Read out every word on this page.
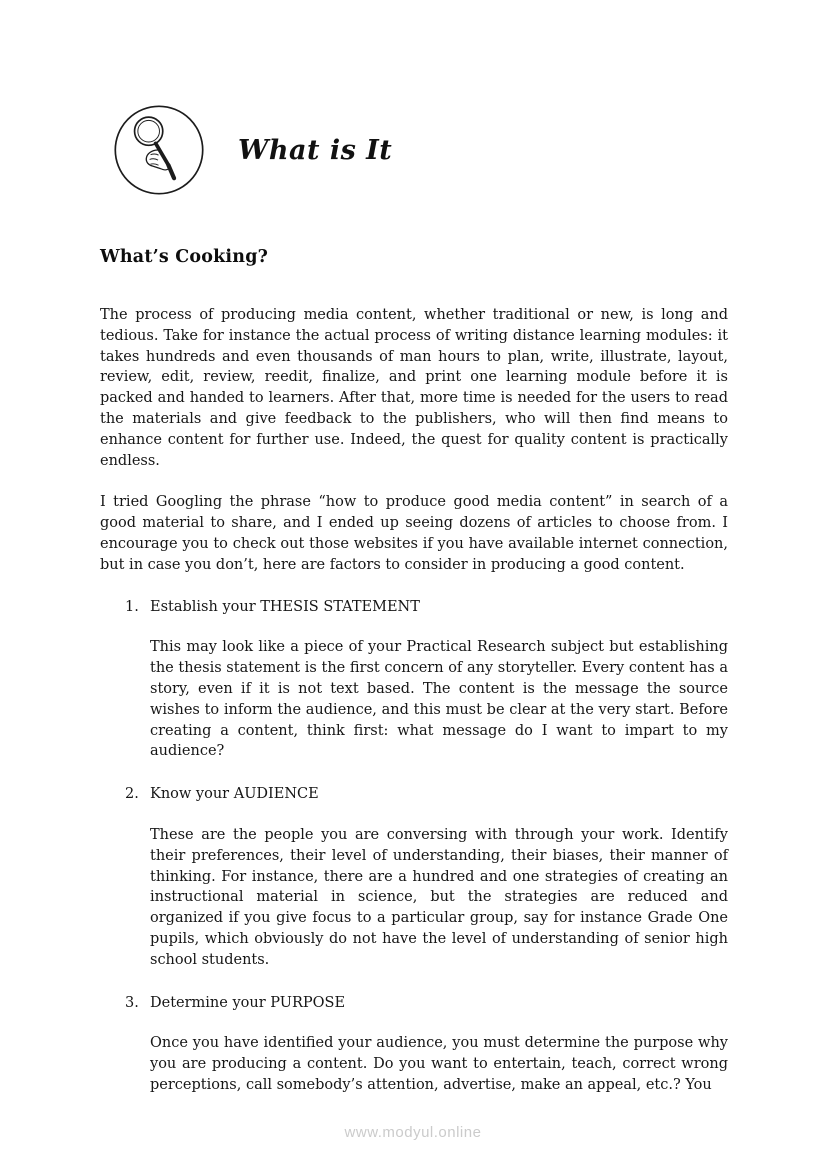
What is It
What’s Cooking?

The process of producing media content, whether traditional or new, is long and tedious. Take for instance the actual process of writing distance learning modules: it takes hundreds and even thousands of man hours to plan, write, illustrate, layout, review, edit, review, reedit, finalize, and print one learning module before it is packed and handed to learners. After that, more time is needed for the users to read the materials and give feedback to the publishers, who will then find means to enhance content for further use. Indeed, the quest for quality content is practically endless.

I tried Googling the phrase “how to produce good media content” in search of a good material to share, and I ended up seeing dozens of articles to choose from. I encourage you to check out those websites if you have available internet connection, but in case you don’t, here are factors to consider in producing a good content.

1. Establish your THESIS STATEMENT

This may look like a piece of your Practical Research subject but establishing the thesis statement is the first concern of any storyteller. Every content has a story, even if it is not text based. The content is the message the source wishes to inform the audience, and this must be clear at the very start. Before creating a content, think first: what message do I want to impart to my audience?

2. Know your AUDIENCE

These are the people you are conversing with through your work. Identify their preferences, their level of understanding, their biases, their manner of thinking. For instance, there are a hundred and one strategies of creating an instructional material in science, but the strategies are reduced and organized if you give focus to a particular group, say for instance Grade One pupils, which obviously do not have the level of understanding of senior high school students.

3. Determine your PURPOSE

Once you have identified your audience, you must determine the purpose why you are producing a content. Do you want to entertain, teach, correct wrong perceptions, call somebody’s attention, advertise, make an appeal, etc.? You

www.modyul.online
